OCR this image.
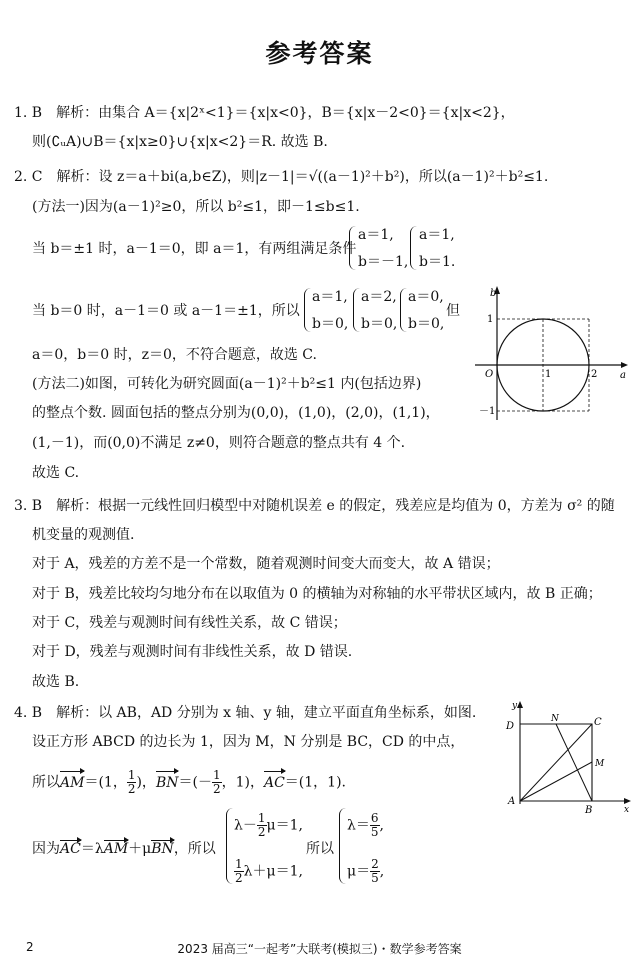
参考答案
1. B　解析：由集合 A＝{x|2ˣ<1}＝{x|x<0}，B＝{x|x－2<0}＝{x|x<2}，
则(∁ᵤA)∪B＝{x|x≥0}∪{x|x<2}＝R. 故选 B.
2. C　解析：设 z＝a＋bi(a,b∈Z)，则|z－1|＝√((a－1)²＋b²)，所以(a－1)²＋b²≤1.
(方法一)因为(a－1)²≥0，所以 b²≤1，即－1≤b≤1.
当 b＝±1 时，a－1＝0，即 a＝1，有两组满足条件
a＝1,
b＝－1,
a＝1,
b＝1.
当 b＝0 时，a－1＝0 或 a－1＝±1，所以
a＝1,
b＝0,
a＝2,
b＝0,
a＝0,
b＝0,
但
a＝0，b＝0 时，z＝0，不符合题意，故选 C.
(方法二)如图，可转化为研究圆面(a－1)²＋b²≤1 内(包括边界)
的整点个数. 圆面包括的整点分别为(0,0)，(1,0)，(2,0)，(1,1)，
(1,－1)，而(0,0)不满足 z≠0，则符合题意的整点共有 4 个.
故选 C.
b
a
O	1	2
1
－1
3. B　解析：根据一元线性回归模型中对随机误差 e 的假定，残差应是均值为 0，方差为 σ² 的随
机变量的观测值.
对于 A，残差的方差不是一个常数，随着观测时间变大而变大，故 A 错误；
对于 B，残差比较均匀地分布在以取值为 0 的横轴为对称轴的水平带状区域内，故 B 正确；
对于 C，残差与观测时间有线性关系，故 C 错误；
对于 D，残差与观测时间有非线性关系，故 D 错误.
故选 B.
4. B　解析：以 AB，AD 分别为 x 轴、y 轴，建立平面直角坐标系，如图.
设正方形 ABCD 的边长为 1，因为 M，N 分别是 BC，CD 的中点，
所以AM＝(1， $\frac{1}{2}$ )，$BN=(- \frac{1}{2}$ ，1)，AC＝(1，1).
因为AC＝λAM＋μBN，所以
$\lambda- \frac{1}{2} \mu=1$,
$\frac{1}{2} \lambda+\mu=1$,
所以
$\lambda= \frac{6}{5}$ ,
$\mu= \frac{2}{5}$ ,
y
x
A
B
C
D
M
N
2	2023 届高三“一起考”大联考(模拟三)・数学参考答案
